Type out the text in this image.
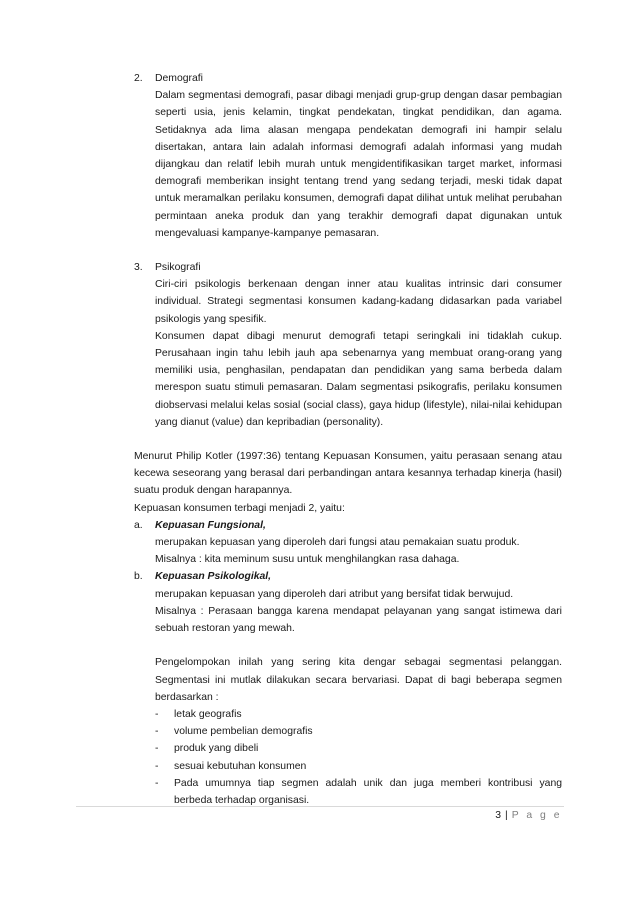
2. Demografi
Dalam segmentasi demografi, pasar dibagi menjadi grup-grup dengan dasar pembagian seperti usia, jenis kelamin, tingkat pendekatan, tingkat pendidikan, dan agama. Setidaknya ada lima alasan mengapa pendekatan demografi ini hampir selalu disertakan, antara lain adalah informasi demografi adalah informasi yang mudah dijangkau dan relatif lebih murah untuk mengidentifikasikan target market, informasi demografi memberikan insight tentang trend yang sedang terjadi, meski tidak dapat untuk meramalkan perilaku konsumen, demografi dapat dilihat untuk melihat perubahan permintaan aneka produk dan yang terakhir demografi dapat digunakan untuk mengevaluasi kampanye-kampanye pemasaran.
3. Psikografi
Ciri-ciri psikologis berkenaan dengan inner atau kualitas intrinsic dari consumer individual. Strategi segmentasi konsumen kadang-kadang didasarkan pada variabel psikologis yang spesifik.
Konsumen dapat dibagi menurut demografi tetapi seringkali ini tidaklah cukup. Perusahaan ingin tahu lebih jauh apa sebenarnya yang membuat orang-orang yang memiliki usia, penghasilan, pendapatan dan pendidikan yang sama berbeda dalam merespon suatu stimuli pemasaran. Dalam segmentasi psikografis, perilaku konsumen diobservasi melalui kelas sosial (social class), gaya hidup (lifestyle), nilai-nilai kehidupan yang dianut (value) dan kepribadian (personality).

Menurut Philip Kotler (1997:36) tentang Kepuasan Konsumen, yaitu perasaan senang atau kecewa seseorang yang berasal dari perbandingan antara kesannya terhadap kinerja (hasil) suatu produk dengan harapannya.

Kepuasan konsumen terbagi menjadi 2, yaitu:

a. Kepuasan Fungsional,
merupakan kepuasan yang diperoleh dari fungsi atau pemakaian suatu produk.
Misalnya : kita meminum susu untuk menghilangkan rasa dahaga.
b. Kepuasan Psikologikal,
merupakan kepuasan yang diperoleh dari atribut yang bersifat tidak berwujud.
Misalnya : Perasaan bangga karena mendapat pelayanan yang sangat istimewa dari sebuah restoran yang mewah.
Pengelompokan inilah yang sering kita dengar sebagai segmentasi pelanggan. Segmentasi ini mutlak dilakukan secara bervariasi. Dapat di bagi beberapa segmen berdasarkan :
- letak geografis
- volume pembelian demografis
- produk yang dibeli
- sesuai kebutuhan konsumen
- Pada umumnya tiap segmen adalah unik dan juga memberi kontribusi yang berbeda terhadap organisasi.
3 | P a g e
